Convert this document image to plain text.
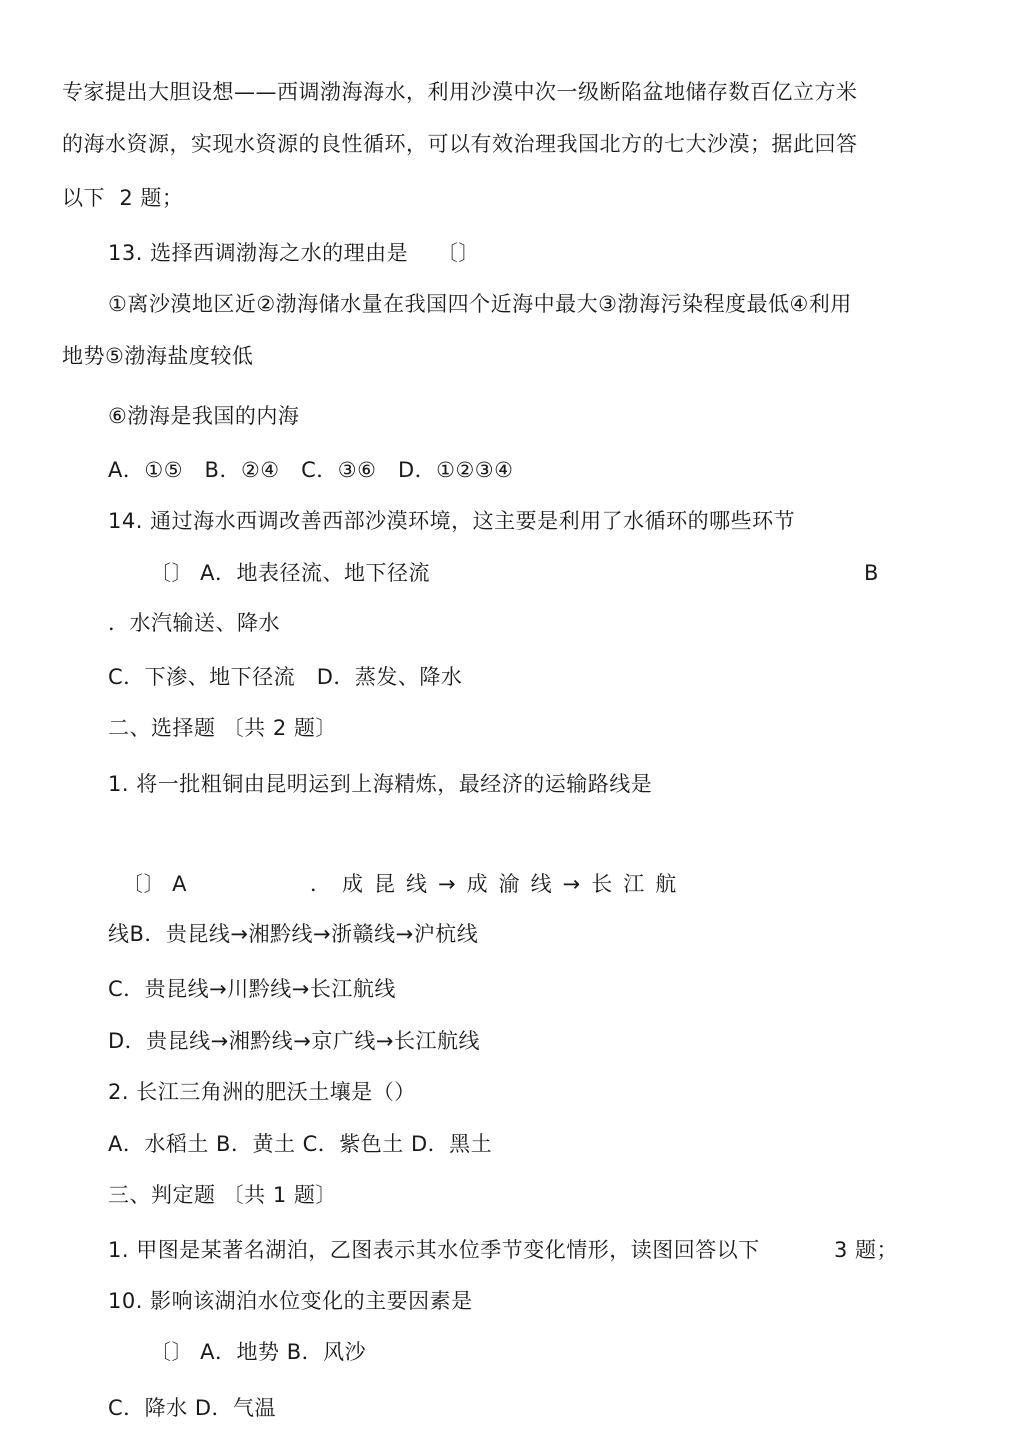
专家提出大胆设想——西调渤海海水，利用沙漠中次一级断陷盆地储存数百亿立方米

的海水资源，实现水资源的良性循环，可以有效治理我国北方的七大沙漠；据此回答

以下  2 题；

13. 选择西调渤海之水的理由是    〔〕

①离沙漠地区近②渤海储水量在我国四个近海中最大③渤海污染程度最低④利用

地势⑤渤海盐度较低

⑥渤海是我国的内海

A．①⑤   B．②④   C．③⑥   D．①②③④

14. 通过海水西调改善西部沙漠环境，这主要是利用了水循环的哪些环节

〔〕 A．地表径流、地下径流	B

．水汽输送、降水

C．下渗、地下径流   D．蒸发、降水

二、选择题 〔共 2 题〕

1. 将一批粗铜由昆明运到上海精炼，最经济的运输路线是

〔〕 A	．成昆线→成渝线→长江航

线B．贵昆线→湘黔线→浙赣线→沪杭线

C．贵昆线→川黔线→长江航线

D．贵昆线→湘黔线→京广线→长江航线

2. 长江三角洲的肥沃土壤是（）

A．水稻土 B．黄土 C．紫色土 D．黑土

三、判定题 〔共 1 题〕

1. 甲图是某著名湖泊，乙图表示其水位季节变化情形，读图回答以下	3 题；

10. 影响该湖泊水位变化的主要因素是

〔〕 A．地势 B．风沙

C．降水 D．气温
